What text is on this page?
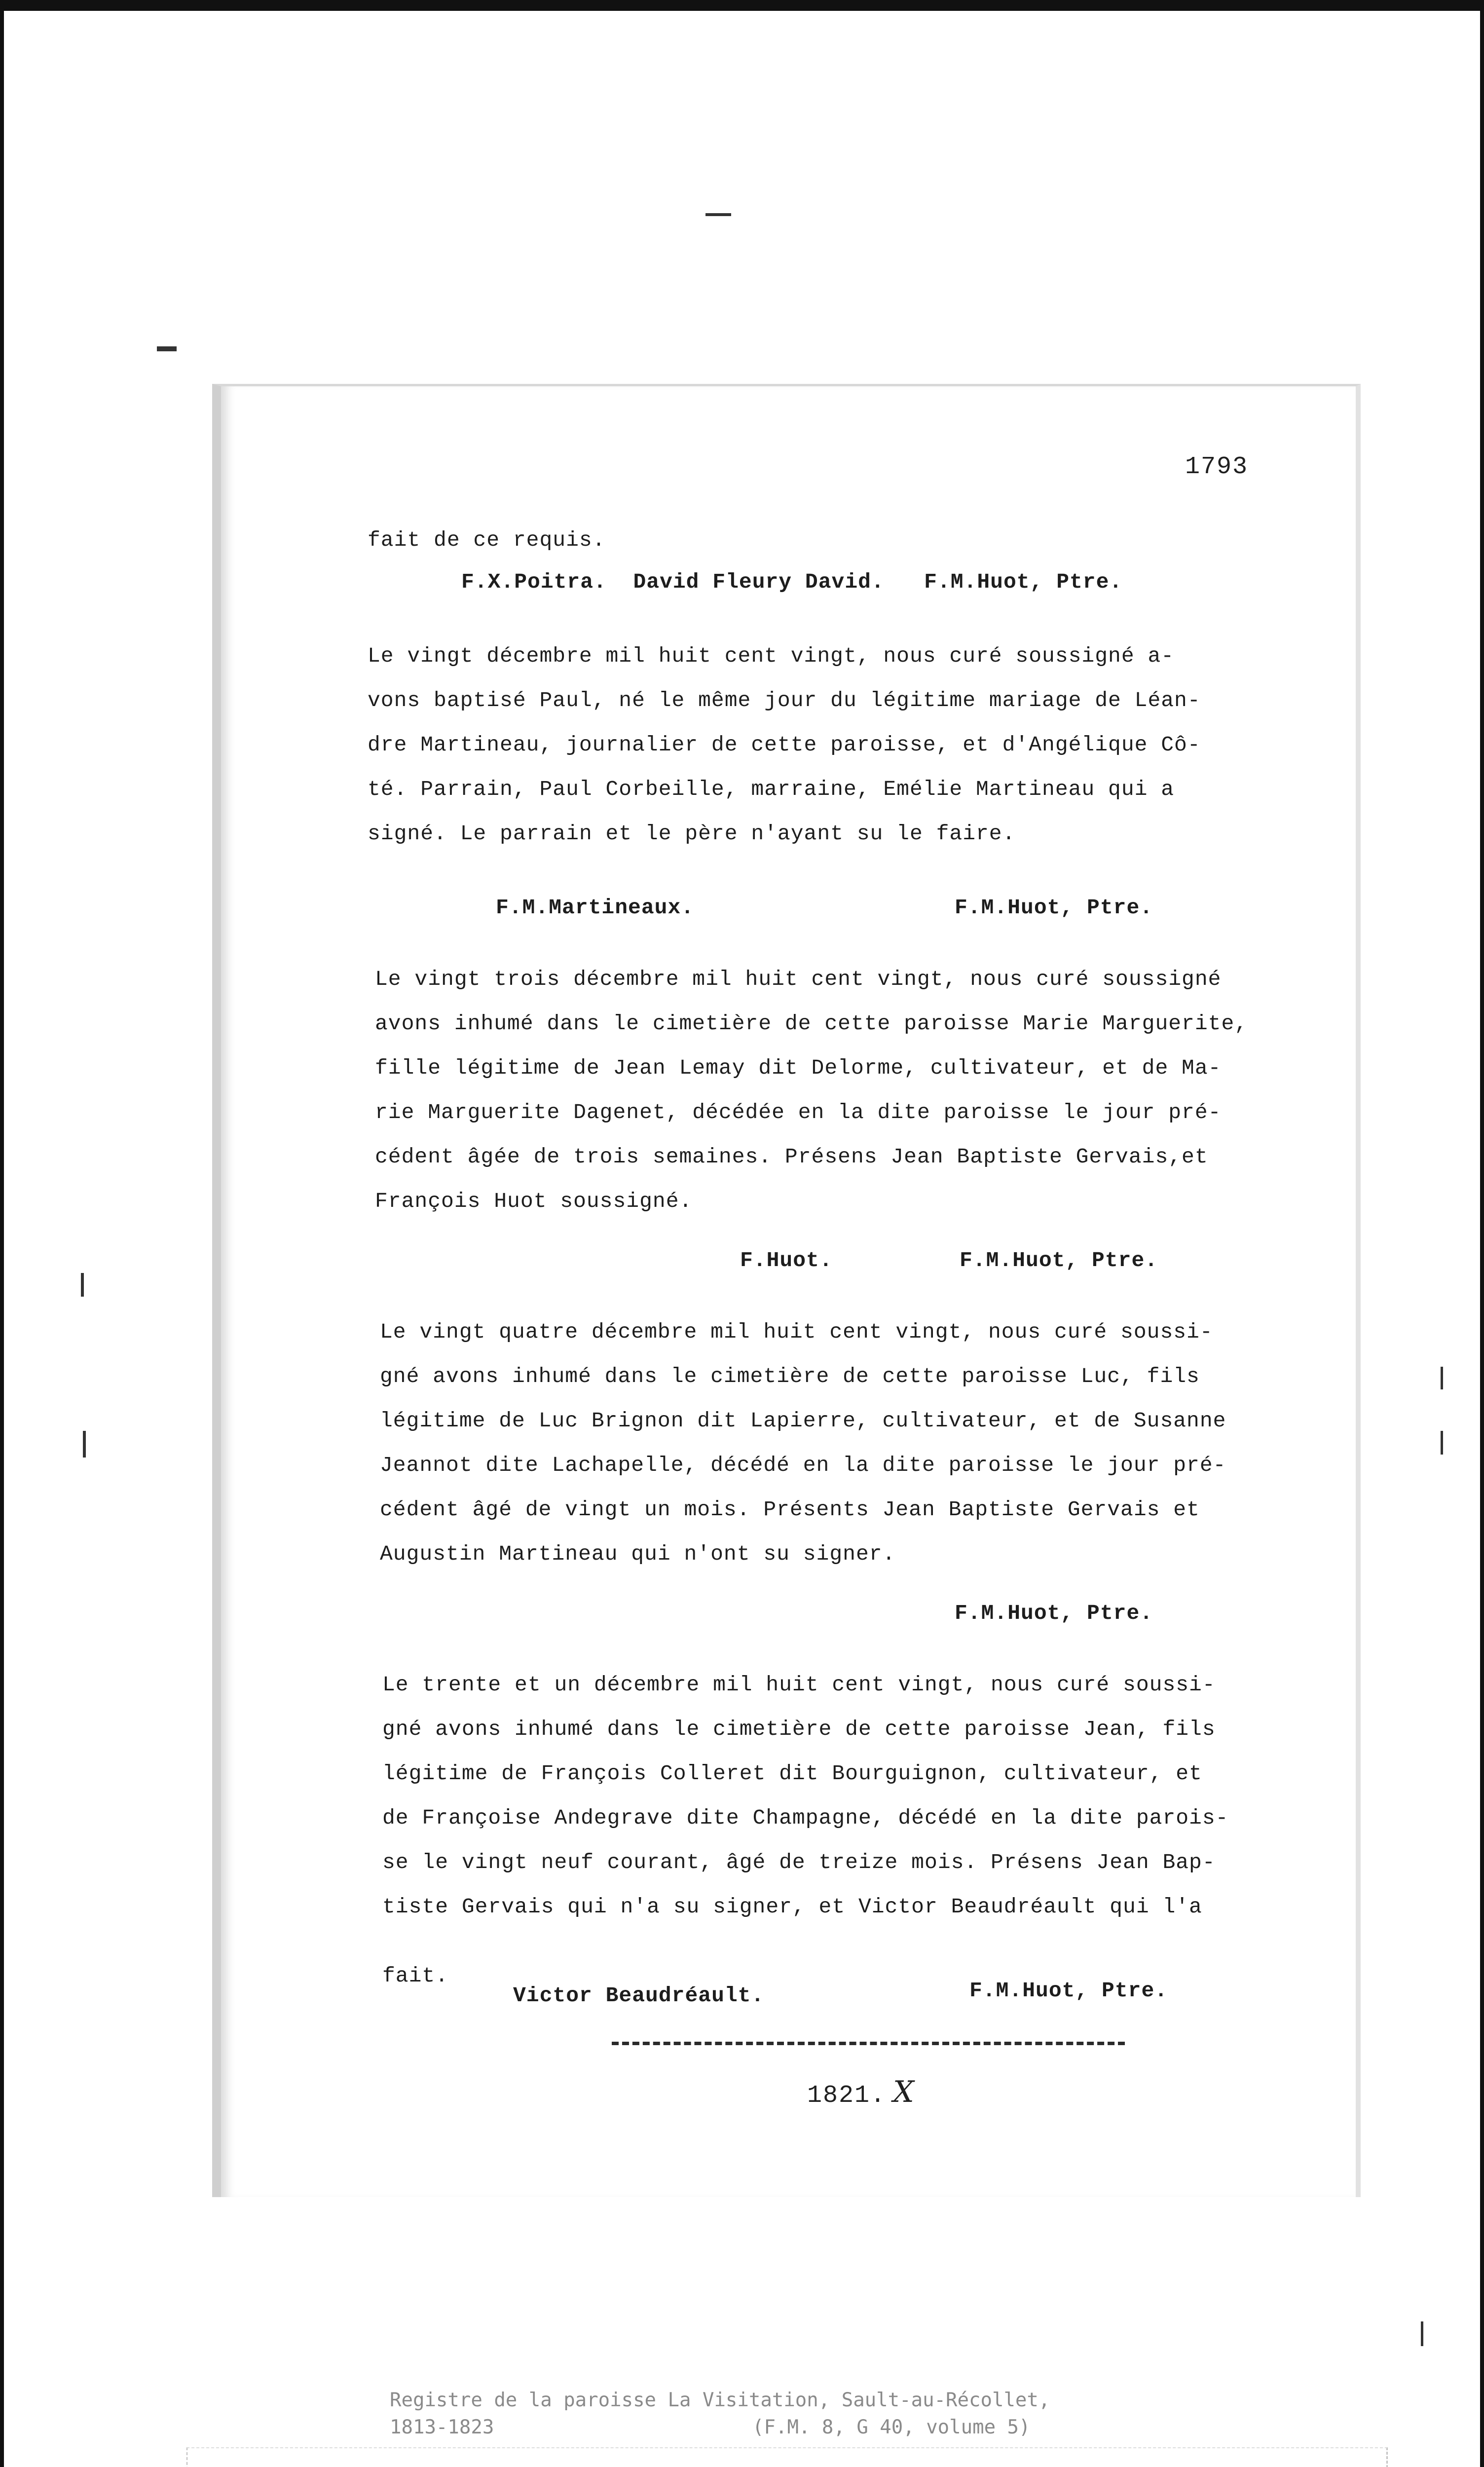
1793
fait de ce requis.
F.X.Poitra.  David Fleury David.   F.M.Huot, Ptre.
Le vingt décembre mil huit cent vingt, nous curé soussigné a-
vons baptisé Paul, né le même jour du légitime mariage de Léan-
dre Martineau, journalier de cette paroisse, et d'Angélique Cô-
té. Parrain, Paul Corbeille, marraine, Emélie Martineau qui a
signé. Le parrain et le père n'ayant su le faire.
F.M.Martineaux.	F.M.Huot, Ptre.
Le vingt trois décembre mil huit cent vingt, nous curé soussigné
avons inhumé dans le cimetière de cette paroisse Marie Marguerite,
fille légitime de Jean Lemay dit Delorme, cultivateur, et de Ma-
rie Marguerite Dagenet, décédée en la dite paroisse le jour pré-
cédent âgée de trois semaines. Présens Jean Baptiste Gervais,et
François Huot soussigné.
F.Huot.	F.M.Huot, Ptre.
Le vingt quatre décembre mil huit cent vingt, nous curé soussi-
gné avons inhumé dans le cimetière de cette paroisse Luc, fils
légitime de Luc Brignon dit Lapierre, cultivateur, et de Susanne
Jeannot dite Lachapelle, décédé en la dite paroisse le jour pré-
cédent âgé de vingt un mois. Présents Jean Baptiste Gervais et
Augustin Martineau qui n'ont su signer.
F.M.Huot, Ptre.
Le trente et un décembre mil huit cent vingt, nous curé soussi-
gné avons inhumé dans le cimetière de cette paroisse Jean, fils
légitime de François Colleret dit Bourguignon, cultivateur, et
de Françoise Andegrave dite Champagne, décédé en la dite parois-
se le vingt neuf courant, âgé de treize mois. Présens Jean Bap-
tiste Gervais qui n'a su signer, et Victor Beaudréault qui l'a
fait.
Victor Beaudréault.	F.M.Huot, Ptre.
1821. X
Registre de la paroisse La Visitation, Sault-au-Récollet,
1813-1823	(F.M. 8, G 40, volume 5)
